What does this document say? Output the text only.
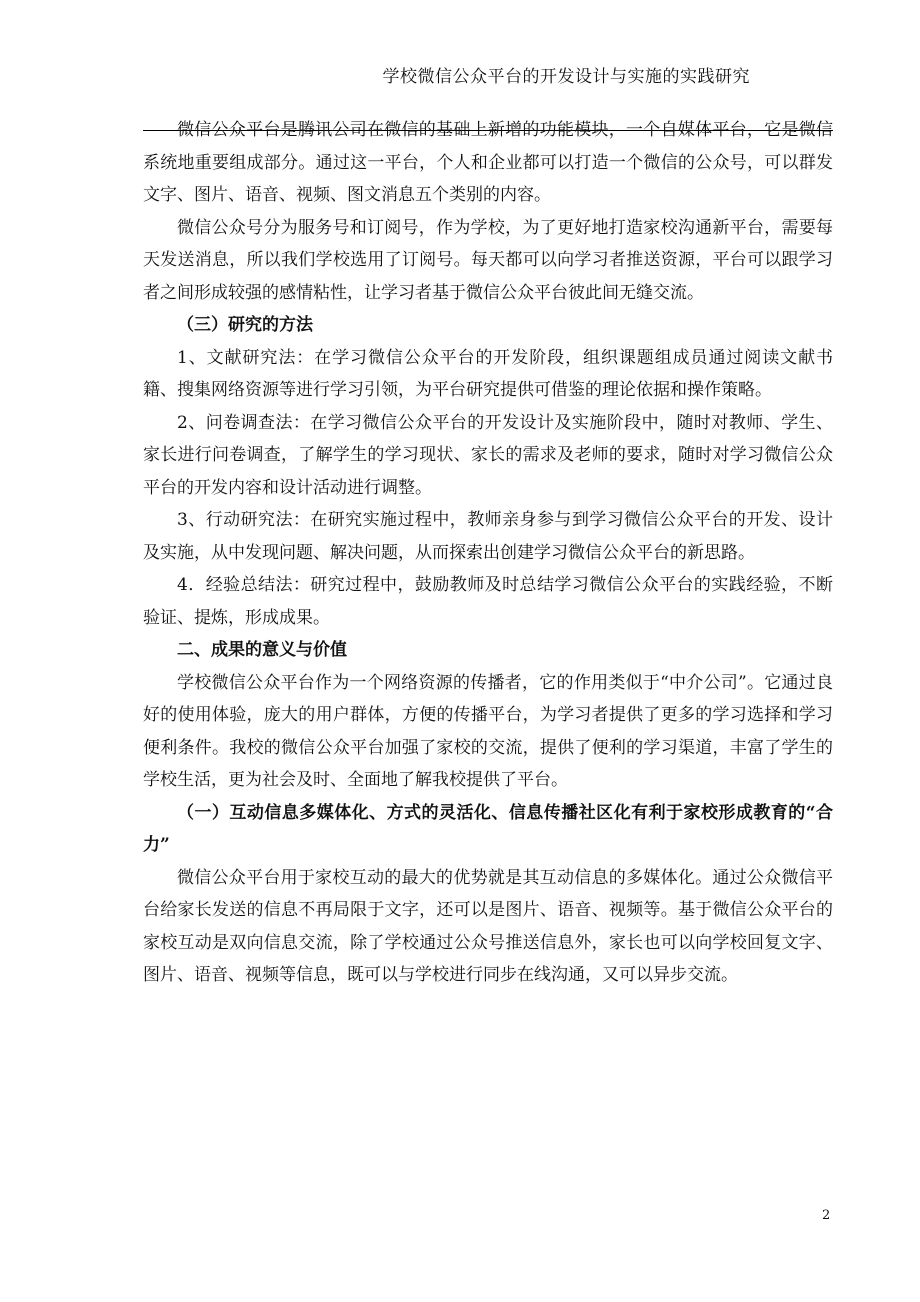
学校微信公众平台的开发设计与实施的实践研究

微信公众平台是腾讯公司在微信的基础上新增的功能模块，一个自媒体平台，它是微信系统地重要组成部分。通过这一平台，个人和企业都可以打造一个微信的公众号，可以群发文字、图片、语音、视频、图文消息五个类别的内容。

微信公众号分为服务号和订阅号，作为学校，为了更好地打造家校沟通新平台，需要每天发送消息，所以我们学校选用了订阅号。每天都可以向学习者推送资源，平台可以跟学习者之间形成较强的感情粘性，让学习者基于微信公众平台彼此间无缝交流。

（三）研究的方法

1、文献研究法：在学习微信公众平台的开发阶段，组织课题组成员通过阅读文献书籍、搜集网络资源等进行学习引领，为平台研究提供可借鉴的理论依据和操作策略。

2、问卷调查法：在学习微信公众平台的开发设计及实施阶段中，随时对教师、学生、家长进行问卷调查，了解学生的学习现状、家长的需求及老师的要求，随时对学习微信公众平台的开发内容和设计活动进行调整。

3、行动研究法：在研究实施过程中，教师亲身参与到学习微信公众平台的开发、设计及实施，从中发现问题、解决问题，从而探索出创建学习微信公众平台的新思路。

4．经验总结法：研究过程中，鼓励教师及时总结学习微信公众平台的实践经验，不断验证、提炼，形成成果。

二、成果的意义与价值

学校微信公众平台作为一个网络资源的传播者，它的作用类似于“中介公司”。它通过良好的使用体验，庞大的用户群体，方便的传播平台，为学习者提供了更多的学习选择和学习便利条件。我校的微信公众平台加强了家校的交流，提供了便利的学习渠道，丰富了学生的学校生活，更为社会及时、全面地了解我校提供了平台。

（一）互动信息多媒体化、方式的灵活化、信息传播社区化有利于家校形成教育的“合力”

微信公众平台用于家校互动的最大的优势就是其互动信息的多媒体化。通过公众微信平台给家长发送的信息不再局限于文字，还可以是图片、语音、视频等。基于微信公众平台的家校互动是双向信息交流，除了学校通过公众号推送信息外，家长也可以向学校回复文字、图片、语音、视频等信息，既可以与学校进行同步在线沟通，又可以异步交流。

2
